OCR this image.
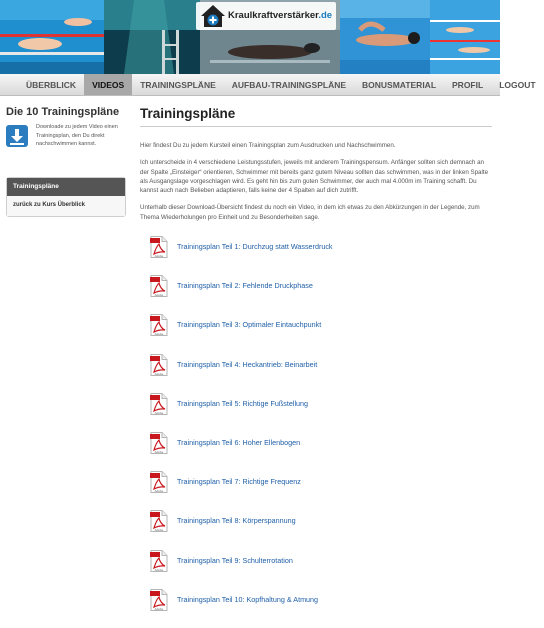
Kraulkraftverstärker.de
ÜBERBLICK	VIDEOS	TRAININGSPLÄNE	AUFBAU-TRAININGSPLÄNE	BONUSMATERIAL	PROFIL	LOGOUT
Die 10 Trainingspläne
Downloade zu jedem Video einen Trainingsplan, den Du direkt nachschwimmen kannst.
Trainingspläne
zurück zu Kurs Überblick
Trainingspläne

Hier findest Du zu jedem Kursteil einen Trainingsplan zum Ausdrucken und Nachschwimmen.

Ich unterscheide in 4 verschiedene Leistungsstufen, jeweils mit anderem Trainingspensum. Anfänger sollten sich demnach an der Spalte „Einsteiger“ orientieren, Schwimmer mit bereits ganz gutem Niveau sollten das schwimmen, was in der linken Spalte als Ausgangslage vorgeschlagen wird. Es geht hin bis zum guten Schwimmer, der auch mal 4.000m im Training schafft. Du kannst auch nach Belieben adaptieren, falls keine der 4 Spalten auf dich zutrifft.

Unterhalb dieser Download-Übersicht findest du noch ein Video, in dem ich etwas zu den Abkürzungen in der Legende, zum Thema Wiederholungen pro Einheit und zu Besonderheiten sage.

Adobe
Trainingsplan Teil 1: Durchzug statt Wasserdruck
Adobe
Trainingsplan Teil 2: Fehlende Druckphase
Adobe
Trainingsplan Teil 3: Optimaler Eintauchpunkt
Adobe
Trainingsplan Teil 4: Heckantrieb: Beinarbeit
Adobe
Trainingsplan Teil 5: Richtige Fußstellung
Adobe
Trainingsplan Teil 6: Hoher Ellenbogen
Adobe
Trainingsplan Teil 7: Richtige Frequenz
Adobe
Trainingsplan Teil 8: Körperspannung
Adobe
Trainingsplan Teil 9: Schulterrotation
Adobe
Trainingsplan Teil 10: Kopfhaltung & Atmung
